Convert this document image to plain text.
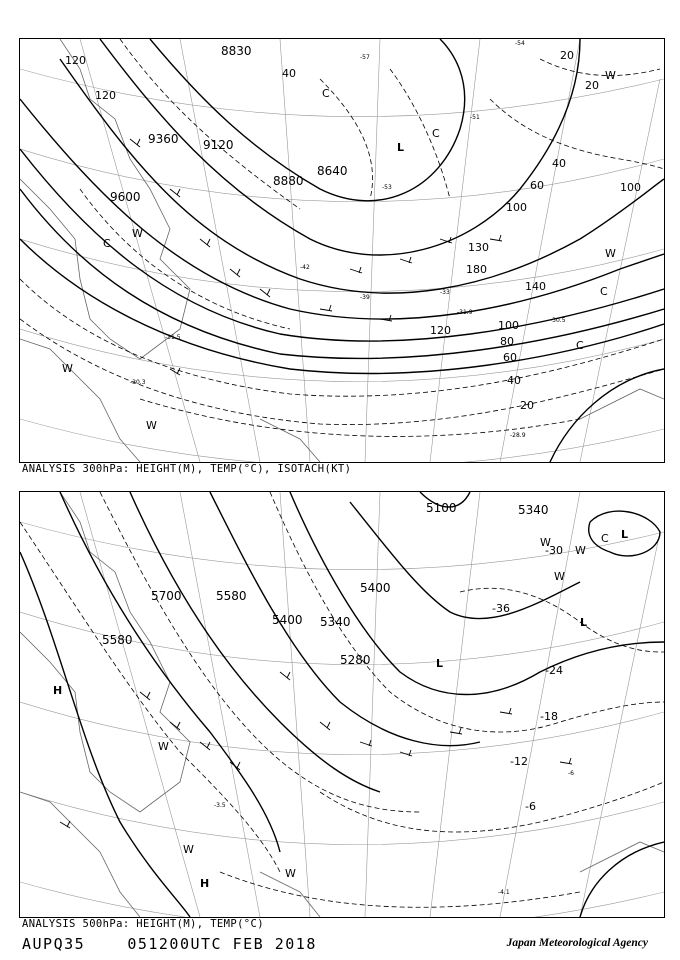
8830
8640
8880
9120
9360
9600
120
120
40
20
20
40
60
100
100
130
180
140
120	100
80
60
40
20
-54
-57
-51
-53
-42
-39
-33
-31.5
-30.3
-28.9
-30.5
-31.9
L
C
C
C
W
W
W
C
W
W
C
ANALYSIS 300hPa: HEIGHT(M), TEMP(°C), ISOTACH(KT)
5100
5700	5580
5400
5580
5340
5340
5280
5400
-36
-30
-24
-18
-12
-6
-6
-3.5
-4.1
L
L
L
C
H
H
W
W
W
W
W
W
ANALYSIS 500hPa: HEIGHT(M), TEMP(°C)
AUPQ35	051200UTC FEB 2018	Japan Meteorological Agency
